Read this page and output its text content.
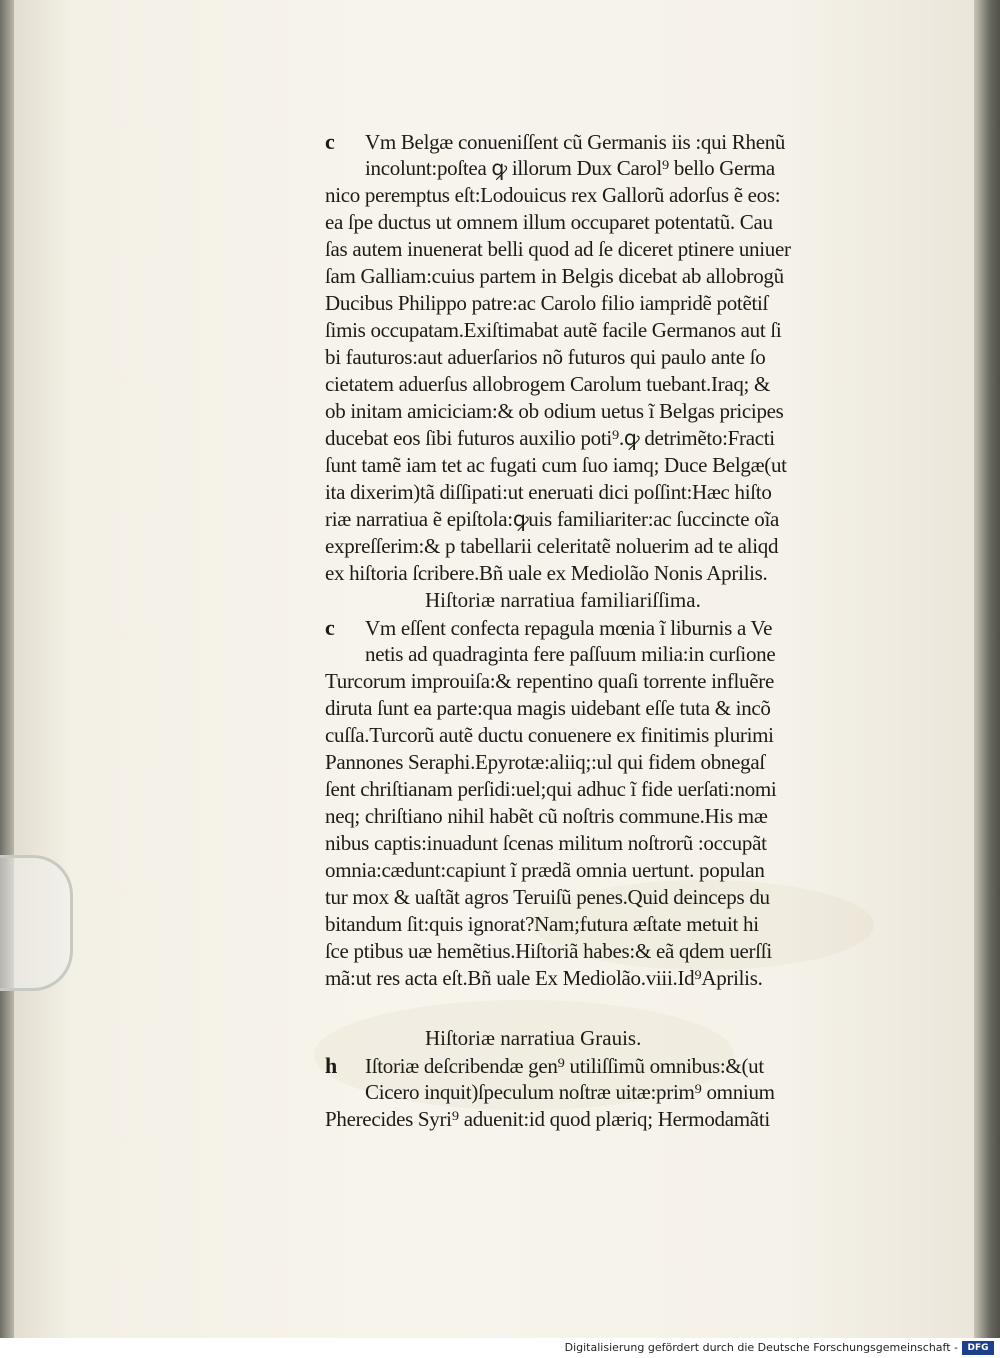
c Vm Belgæ conueniſſent cũ Germanis iis :qui Rhenũ
incolunt:poſtea ꝙ illorum Dux Carol⁹ bello Germa
nico peremptus eſt:Lodouicus rex Gallorũ adorſus ẽ eos:
ea ſpe ductus ut omnem illum occuparet potentatũ. Cau
ſas autem inuenerat belli quod ad ſe diceret ptinere uniuer
ſam Galliam:cuius partem in Belgis dicebat ab allobrogũ
Ducibus Philippo patre:ac Carolo filio iampridẽ potẽtiſ
ſimis occupatam.Exiſtimabat autẽ facile Germanos aut ſi
bi fauturos:aut aduerſarios nõ futuros qui paulo ante ſo
cietatem aduerſus allobrogem Carolum tuebant.Iraq; &
ob initam amiciciam:& ob odium uetus ĩ Belgas pricipes
ducebat eos ſibi futuros auxilio poti⁹.ꝙ detrimẽto:Fracti
ſunt tamẽ iam tet ac fugati cum ſuo iamq; Duce Belgæ(ut
ita dixerim)tã diſſipati:ut eneruati dici poſſint:Hæc hiſto
riæ narratiua ẽ epiſtola:ꝙuis familiariter:ac ſuccincte oĩa
expreſſerim:& p tabellarii celeritatẽ noluerim ad te aliqd
ex hiſtoria ſcribere.Bñ uale ex Mediolão Nonis Aprilis.
Hiſtoriæ narratiua familiariſſima.
c Vm eſſent confecta repagula mœnia ĩ liburnis a Ve
netis ad quadraginta fere paſſuum milia:in curſione
Turcorum improuiſa:& repentino quaſi torrente influẽre
diruta ſunt ea parte:qua magis uidebant eſſe tuta & incõ
cuſſa.Turcorũ autẽ ductu conuenere ex finitimis plurimi
Pannones Seraphi.Epyrotæ:aliiq;:ul qui fidem obnegaſ
ſent chriſtianam perſidi:uel;qui adhuc ĩ fide uerſati:nomi
neq; chriſtiano nihil habẽt cũ noſtris commune.His mæ
nibus captis:inuadunt ſcenas militum noſtrorũ :occupãt
omnia:cædunt:capiunt ĩ prædã omnia uertunt. populan
tur mox & uaſtãt agros Teruiſũ penes.Quid deinceps du
bitandum ſit:quis ignorat?Nam;futura æſtate metuit hi
ſce ptibus uæ hemẽtius.Hiſtoriã habes:& eã qdem uerſſi
mã:ut res acta eſt.Bñ uale Ex Mediolão.viii.Id⁹Aprilis.
Hiſtoriæ narratiua Grauis.
h Iſtoriæ deſcribendæ gen⁹ utiliſſimũ omnibus:&(ut
Cicero inquit)ſpeculum noſtræ uitæ:prim⁹ omnium
Pherecides Syri⁹ aduenit:id quod plæriq; Hermodamãti
Digitalisierung gefördert durch die Deutsche Forschungsgemeinschaft -	DFG
